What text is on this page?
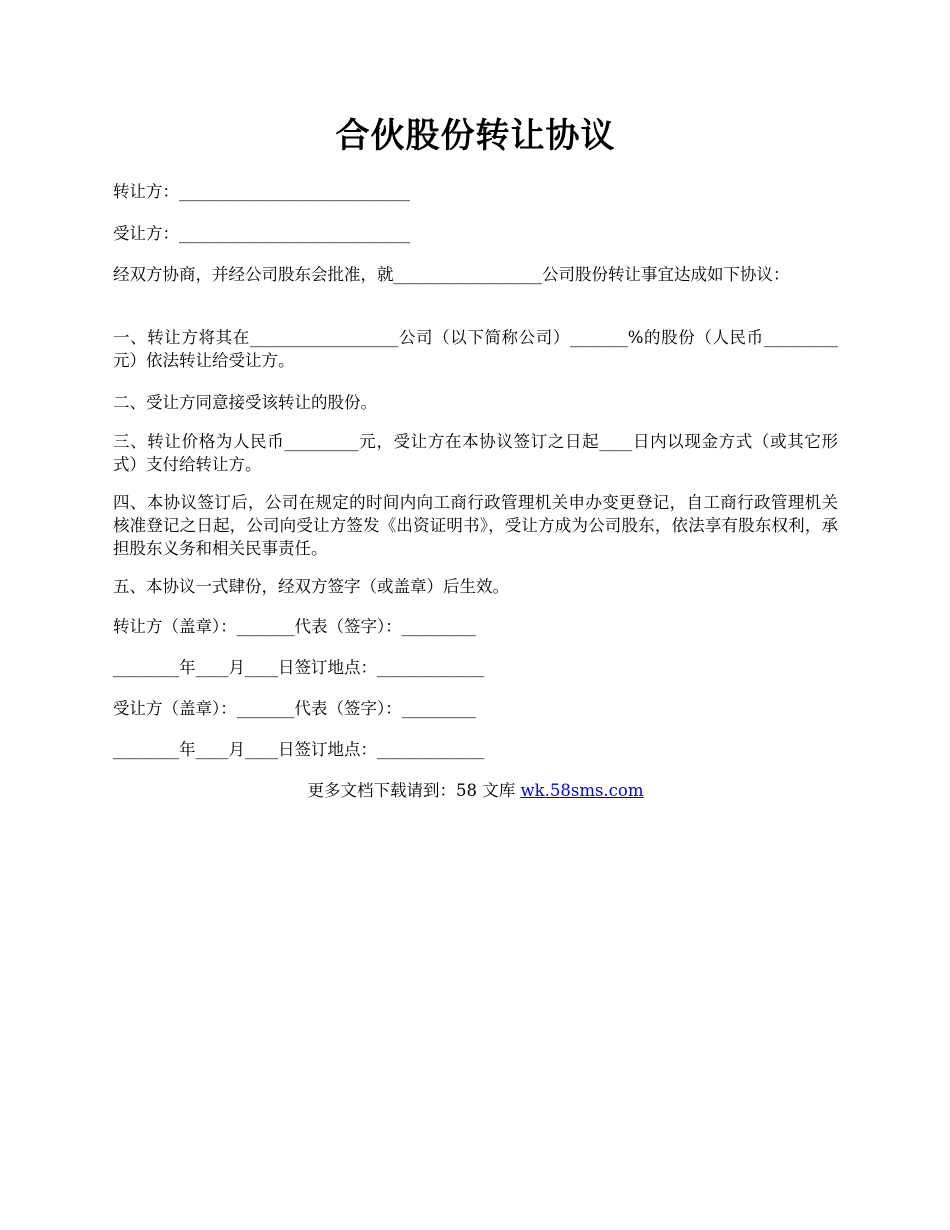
合伙股份转让协议

转让方：____________________________

受让方：____________________________

经双方协商，并经公司股东会批准，就__________________公司股份转让事宜达成如下协议：

一、转让方将其在__________________公司（以下简称公司）_______%的股份（人民币_________元）依法转让给受让方。

二、受让方同意接受该转让的股份。

三、转让价格为人民币_________元，受让方在本协议签订之日起____日内以现金方式（或其它形式）支付给转让方。

四、本协议签订后，公司在规定的时间内向工商行政管理机关申办变更登记，自工商行政管理机关核准登记之日起，公司向受让方签发《出资证明书》，受让方成为公司股东，依法享有股东权利，承担股东义务和相关民事责任。

五、本协议一式肆份，经双方签字（或盖章）后生效。

转让方（盖章）：_______代表（签字）：_________

________年____月____日签订地点：_____________

受让方（盖章）：_______代表（签字）：_________

________年____月____日签订地点：_____________

更多文档下载请到：58 文库 wk.58sms.com
